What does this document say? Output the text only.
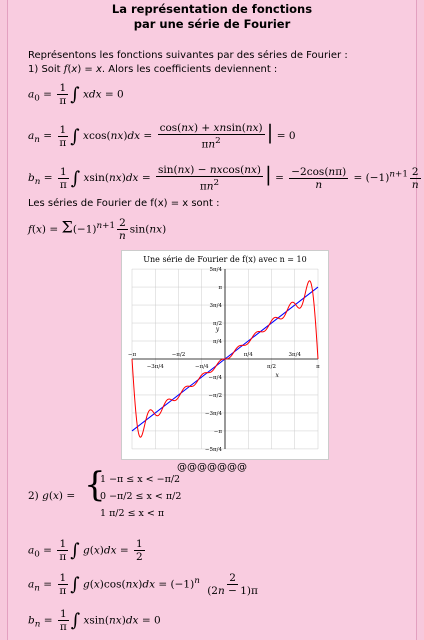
La représentation de fonctions
par une série de Fourier
Représentons les fonctions suivantes par des séries de Fourier :
1) Soit f(x) = x. Alors les coefficients deviennent :
$a_0 = \frac{1}{\pi}$ ∫ xdx = 0
$a_n = \frac{1}{\pi}$ ∫ $xcos(nx)dx = \frac{\cos(nx) + xnsin(nx)}{\pi n^2}$ | = 0
$b_n = \frac{1}{\pi}$ ∫ $xsin(nx)dx = \frac{\sin(nx) - nxcos(nx)}{\pi n^2}$ | = $\frac{-2\cos(n\pi)}{n} = (-1)^{n+1} \frac{2}{n}$
Les séries de Fourier de f(x) = x sont :
$f(x) = \Sigma(-1)^{n+1} \frac{2}{n} \sin(nx)$
Une série de Fourier de f(x) avec n = 10
−π
−3π/4
−π/2
−π/4
π/4
π/2
3π/4
π
5π/4
π
3π/4
π/2
π/4
−π/4
−π/2
−3π/4
−π
−5π/4
x
y
@@@@@@@
2) g(x) = {
1 −π ≤ x < −π/2
0 −π/2 ≤ x < π/2
1 π/2 ≤ x < π
$a_0 = \frac{1}{\pi}$ ∫ $g(x)dx = \frac{1}{2}$
$a_n = \frac{1}{\pi}$ ∫ $g(x)\cos(nx)dx = (-1)^n \frac{2}{(2n - 1)\pi}$
$b_n = \frac{1}{\pi}$ ∫ xsin(nx)dx = 0
